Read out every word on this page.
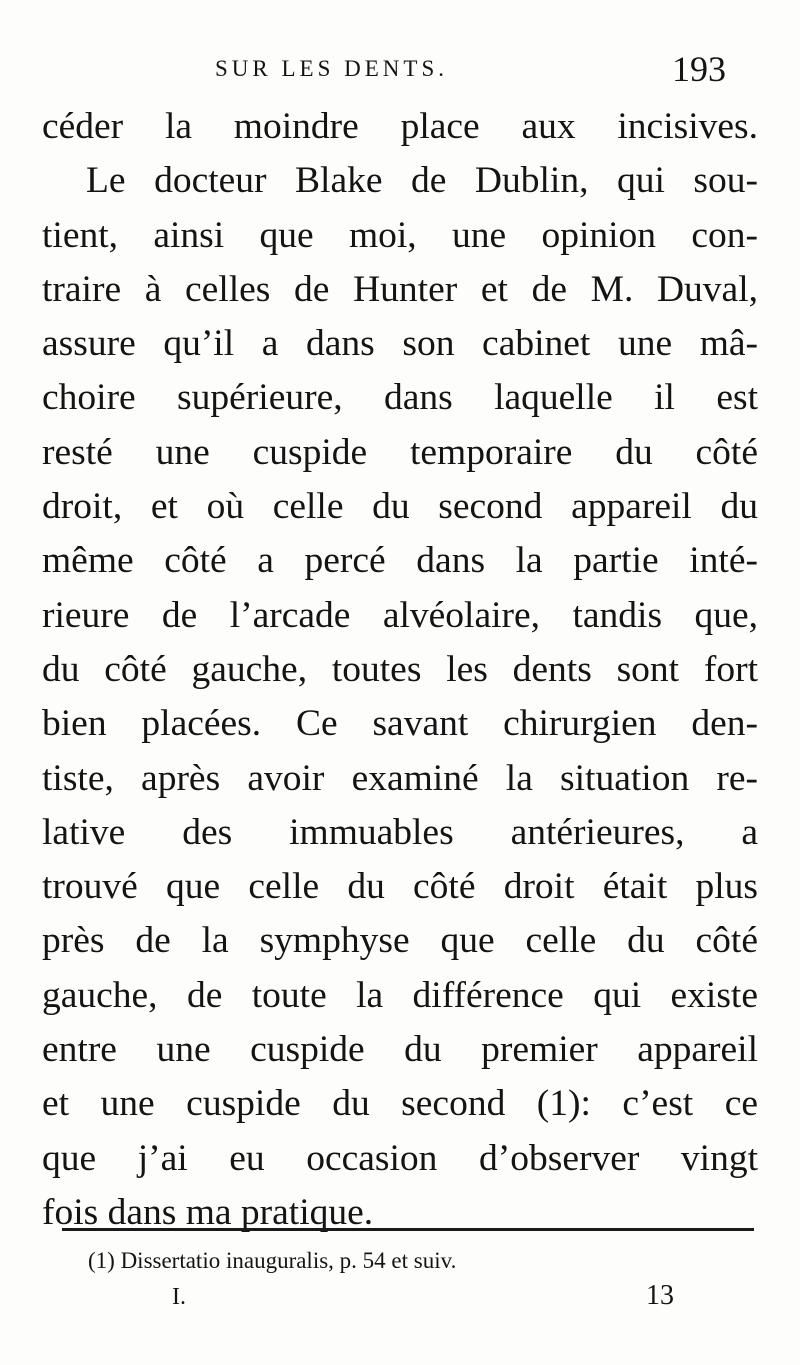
SUR LES DENTS.	193
céder la moindre place aux incisives.
Le docteur Blake de Dublin, qui sou-
tient, ainsi que moi, une opinion con-
traire à celles de Hunter et de M. Duval,
assure qu’il a dans son cabinet une mâ-
choire supérieure, dans laquelle il est
resté une cuspide temporaire du côté
droit, et où celle du second appareil du
même côté a percé dans la partie inté-
rieure de l’arcade alvéolaire, tandis que,
du côté gauche, toutes les dents sont fort
bien placées. Ce savant chirurgien den-
tiste, après avoir examiné la situation re-
lative des immuables antérieures, a
trouvé que celle du côté droit était plus
près de la symphyse que celle du côté
gauche, de toute la différence qui existe
entre une cuspide du premier appareil
et une cuspide du second (1): c’est ce
que j’ai eu occasion d’observer vingt
fois dans ma pratique.
(1) Dissertatio inauguralis, p. 54 et suiv.
I.	13
